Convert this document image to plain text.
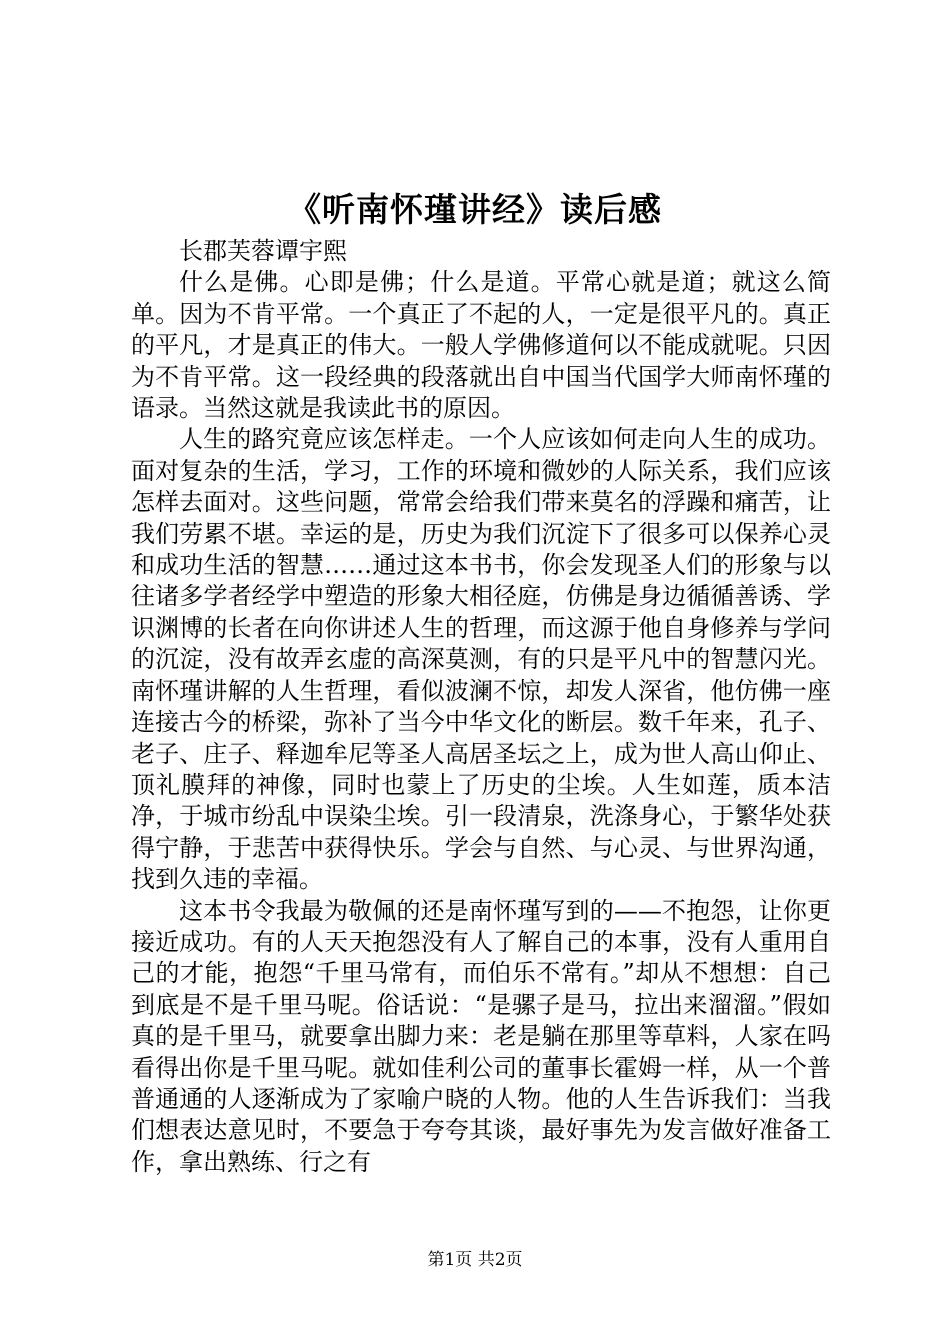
《听南怀瑾讲经》读后感
长郡芙蓉谭宇熙

什么是佛。心即是佛；什么是道。平常心就是道；就这么简单。因为不肯平常。一个真正了不起的人，一定是很平凡的。真正的平凡，才是真正的伟大。一般人学佛修道何以不能成就呢。只因为不肯平常。这一段经典的段落就出自中国当代国学大师南怀瑾的语录。当然这就是我读此书的原因。

人生的路究竟应该怎样走。一个人应该如何走向人生的成功。面对复杂的生活，学习，工作的环境和微妙的人际关系，我们应该怎样去面对。这些问题，常常会给我们带来莫名的浮躁和痛苦，让我们劳累不堪。幸运的是，历史为我们沉淀下了很多可以保养心灵和成功生活的智慧……通过这本书书，你会发现圣人们的形象与以往诸多学者经学中塑造的形象大相径庭，仿佛是身边循循善诱、学识渊博的长者在向你讲述人生的哲理，而这源于他自身修养与学问的沉淀，没有故弄玄虚的高深莫测，有的只是平凡中的智慧闪光。南怀瑾讲解的人生哲理，看似波澜不惊，却发人深省，他仿佛一座连接古今的桥梁，弥补了当今中华文化的断层。数千年来，孔子、老子、庄子、释迦牟尼等圣人高居圣坛之上，成为世人高山仰止、顶礼膜拜的神像，同时也蒙上了历史的尘埃。人生如莲，质本洁净，于城市纷乱中误染尘埃。引一段清泉，洗涤身心，于繁华处获得宁静，于悲苦中获得快乐。学会与自然、与心灵、与世界沟通，找到久违的幸福。

这本书令我最为敬佩的还是南怀瑾写到的——不抱怨，让你更接近成功。有的人天天抱怨没有人了解自己的本事，没有人重用自己的才能，抱怨“千里马常有，而伯乐不常有。”却从不想想：自己到底是不是千里马呢。俗话说：“是骡子是马，拉出来溜溜。”假如真的是千里马，就要拿出脚力来：老是躺在那里等草料，人家在吗看得出你是千里马呢。就如佳利公司的董事长霍姆一样，从一个普普通通的人逐渐成为了家喻户晓的人物。他的人生告诉我们：当我们想表达意见时，不要急于夸夸其谈，最好事先为发言做好准备工作，拿出熟练、行之有

第1页 共2页
